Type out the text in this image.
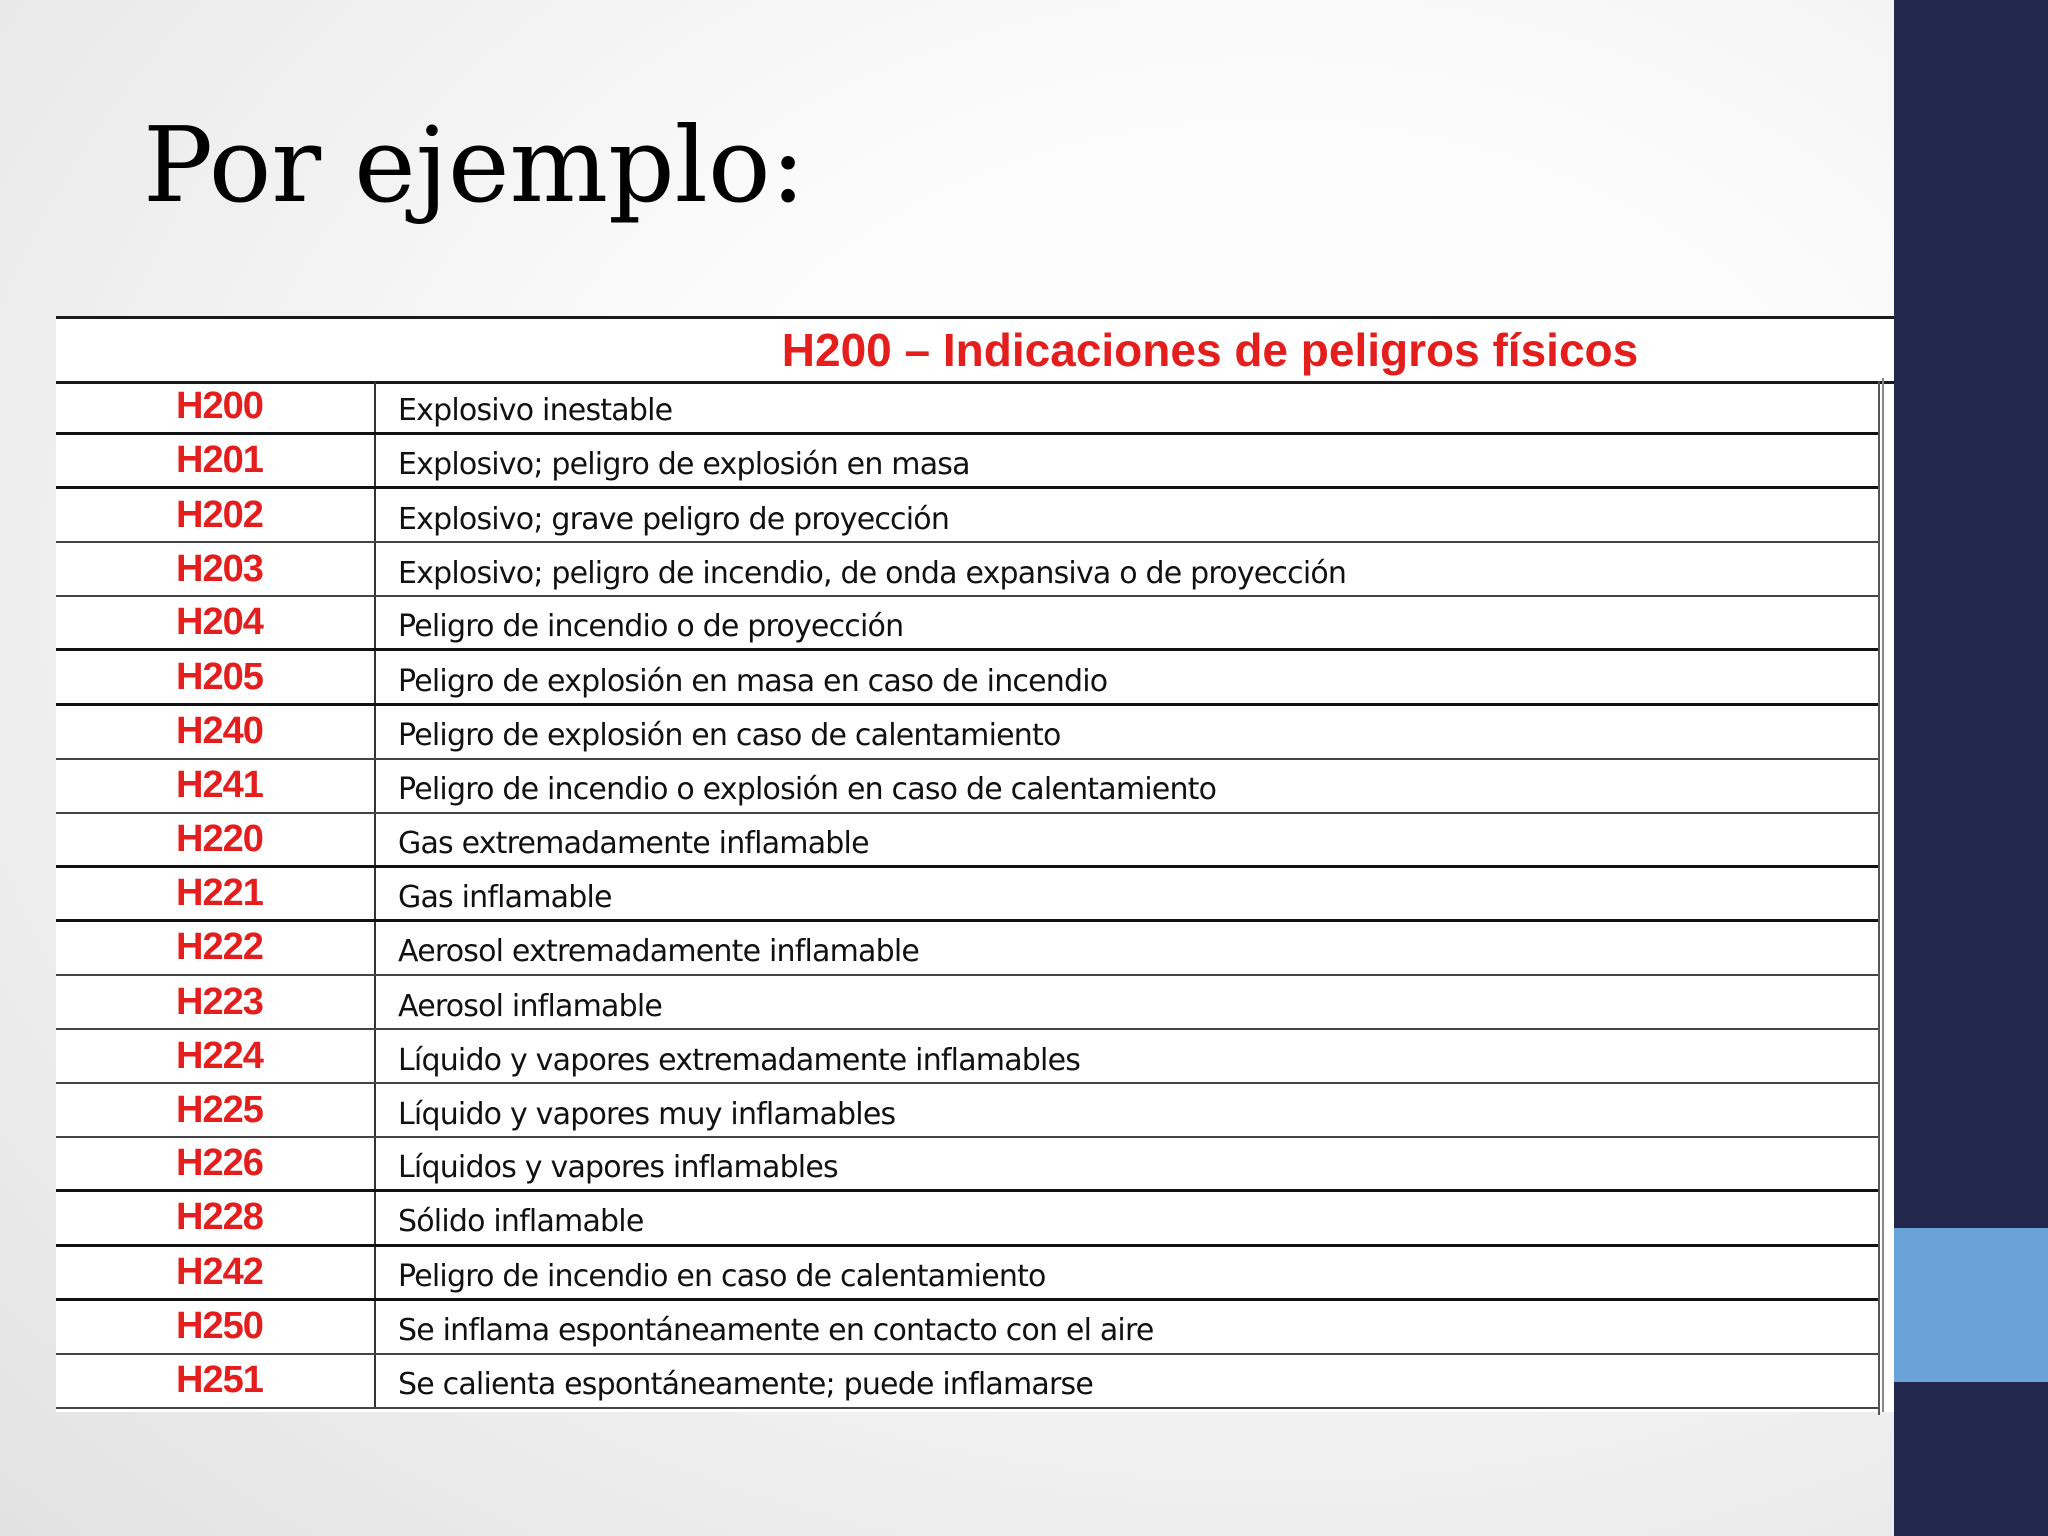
Por ejemplo:
H200 – Indicaciones de peligros físicos
H200	Explosivo inestable
H201	Explosivo; peligro de explosión en masa
H202	Explosivo; grave peligro de proyección
H203	Explosivo; peligro de incendio, de onda expansiva o de proyección
H204	Peligro de incendio o de proyección
H205	Peligro de explosión en masa en caso de incendio
H240	Peligro de explosión en caso de calentamiento
H241	Peligro de incendio o explosión en caso de calentamiento
H220	Gas extremadamente inflamable
H221	Gas inflamable
H222	Aerosol extremadamente inflamable
H223	Aerosol inflamable
H224	Líquido y vapores extremadamente inflamables
H225	Líquido y vapores muy inflamables
H226	Líquidos y vapores inflamables
H228	Sólido inflamable
H242	Peligro de incendio en caso de calentamiento
H250	Se inflama espontáneamente en contacto con el aire
H251	Se calienta espontáneamente; puede inflamarse
